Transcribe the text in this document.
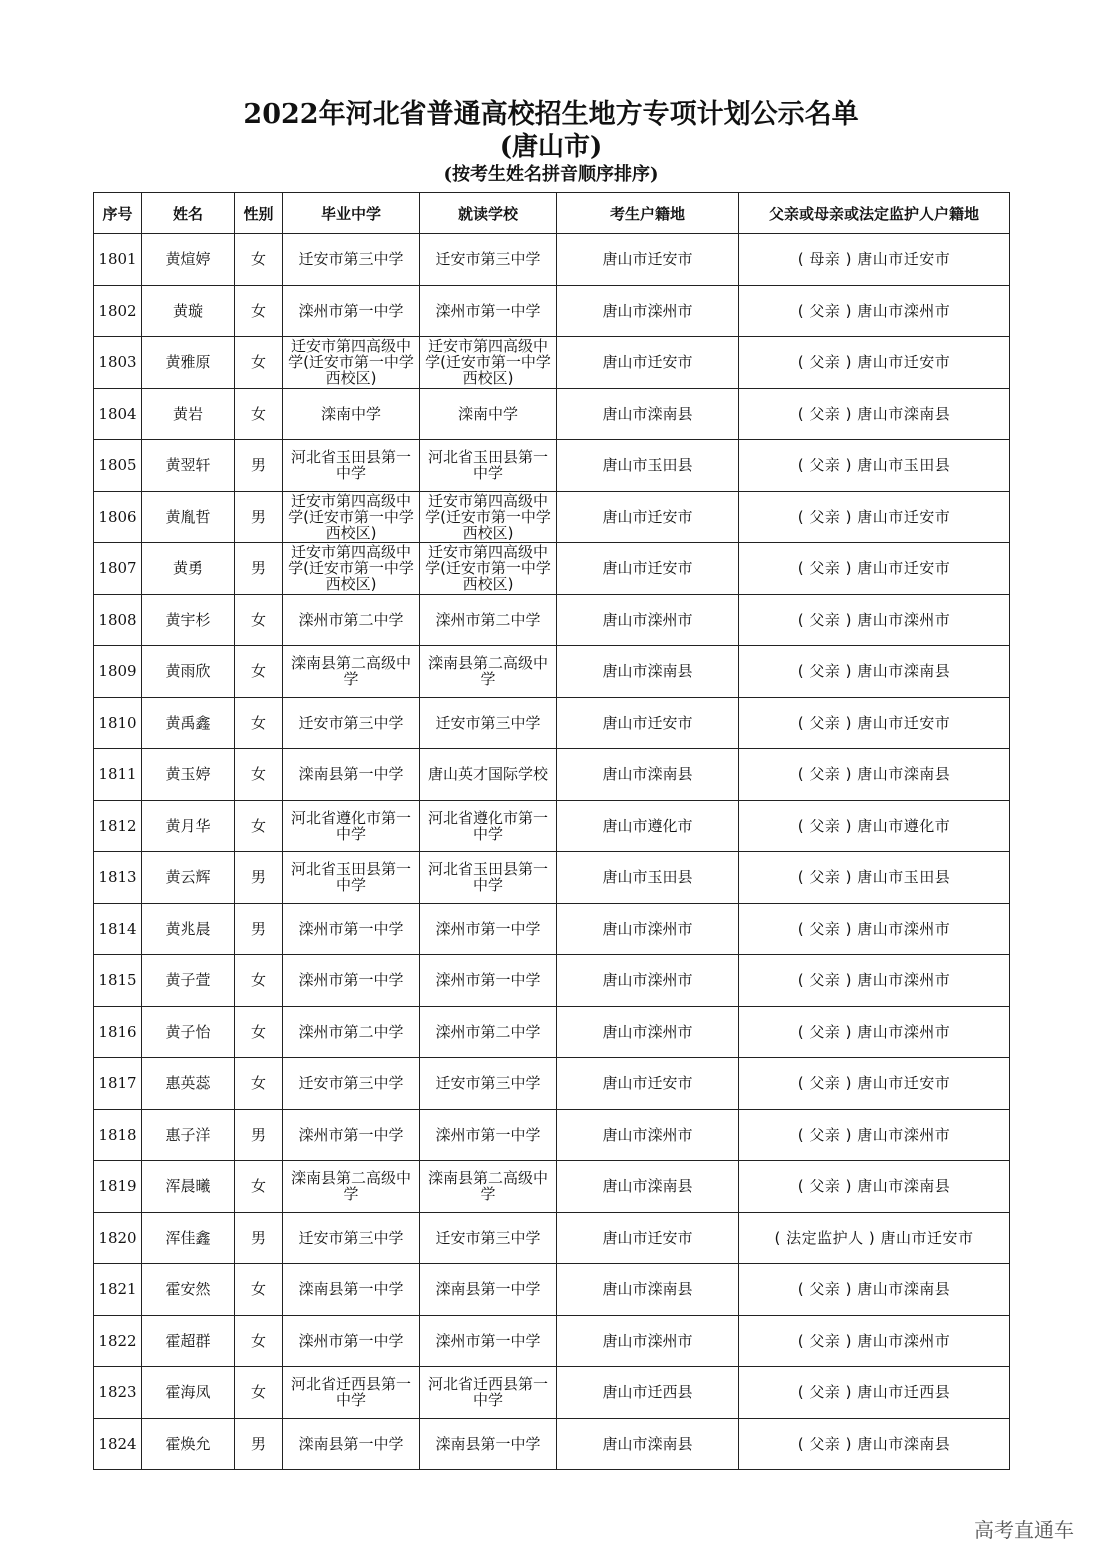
2022年河北省普通高校招生地方专项计划公示名单
(唐山市)
(按考生姓名拼音顺序排序)
序号	姓名	性别	毕业中学	就读学校	考生户籍地	父亲或母亲或法定监护人户籍地
1801	黄煊婷	女	迁安市第三中学	迁安市第三中学	唐山市迁安市	( 母亲 ) 唐山市迁安市
1802	黄璇	女	滦州市第一中学	滦州市第一中学	唐山市滦州市	( 父亲 ) 唐山市滦州市
1803	黄雅原	女	迁安市第四高级中学(迁安市第一中学西校区)	迁安市第四高级中学(迁安市第一中学西校区)	唐山市迁安市	( 父亲 ) 唐山市迁安市
1804	黄岩	女	滦南中学	滦南中学	唐山市滦南县	( 父亲 ) 唐山市滦南县
1805	黄翌轩	男	河北省玉田县第一中学	河北省玉田县第一中学	唐山市玉田县	( 父亲 ) 唐山市玉田县
1806	黄胤哲	男	迁安市第四高级中学(迁安市第一中学西校区)	迁安市第四高级中学(迁安市第一中学西校区)	唐山市迁安市	( 父亲 ) 唐山市迁安市
1807	黄勇	男	迁安市第四高级中学(迁安市第一中学西校区)	迁安市第四高级中学(迁安市第一中学西校区)	唐山市迁安市	( 父亲 ) 唐山市迁安市
1808	黄宇杉	女	滦州市第二中学	滦州市第二中学	唐山市滦州市	( 父亲 ) 唐山市滦州市
1809	黄雨欣	女	滦南县第二高级中学	滦南县第二高级中学	唐山市滦南县	( 父亲 ) 唐山市滦南县
1810	黄禹鑫	女	迁安市第三中学	迁安市第三中学	唐山市迁安市	( 父亲 ) 唐山市迁安市
1811	黄玉婷	女	滦南县第一中学	唐山英才国际学校	唐山市滦南县	( 父亲 ) 唐山市滦南县
1812	黄月华	女	河北省遵化市第一中学	河北省遵化市第一中学	唐山市遵化市	( 父亲 ) 唐山市遵化市
1813	黄云辉	男	河北省玉田县第一中学	河北省玉田县第一中学	唐山市玉田县	( 父亲 ) 唐山市玉田县
1814	黄兆晨	男	滦州市第一中学	滦州市第一中学	唐山市滦州市	( 父亲 ) 唐山市滦州市
1815	黄子萱	女	滦州市第一中学	滦州市第一中学	唐山市滦州市	( 父亲 ) 唐山市滦州市
1816	黄子怡	女	滦州市第二中学	滦州市第二中学	唐山市滦州市	( 父亲 ) 唐山市滦州市
1817	惠英蕊	女	迁安市第三中学	迁安市第三中学	唐山市迁安市	( 父亲 ) 唐山市迁安市
1818	惠子洋	男	滦州市第一中学	滦州市第一中学	唐山市滦州市	( 父亲 ) 唐山市滦州市
1819	浑晨曦	女	滦南县第二高级中学	滦南县第二高级中学	唐山市滦南县	( 父亲 ) 唐山市滦南县
1820	浑佳鑫	男	迁安市第三中学	迁安市第三中学	唐山市迁安市	( 法定监护人 ) 唐山市迁安市
1821	霍安然	女	滦南县第一中学	滦南县第一中学	唐山市滦南县	( 父亲 ) 唐山市滦南县
1822	霍超群	女	滦州市第一中学	滦州市第一中学	唐山市滦州市	( 父亲 ) 唐山市滦州市
1823	霍海凤	女	河北省迁西县第一中学	河北省迁西县第一中学	唐山市迁西县	( 父亲 ) 唐山市迁西县
1824	霍焕允	男	滦南县第一中学	滦南县第一中学	唐山市滦南县	( 父亲 ) 唐山市滦南县
高考直通车
